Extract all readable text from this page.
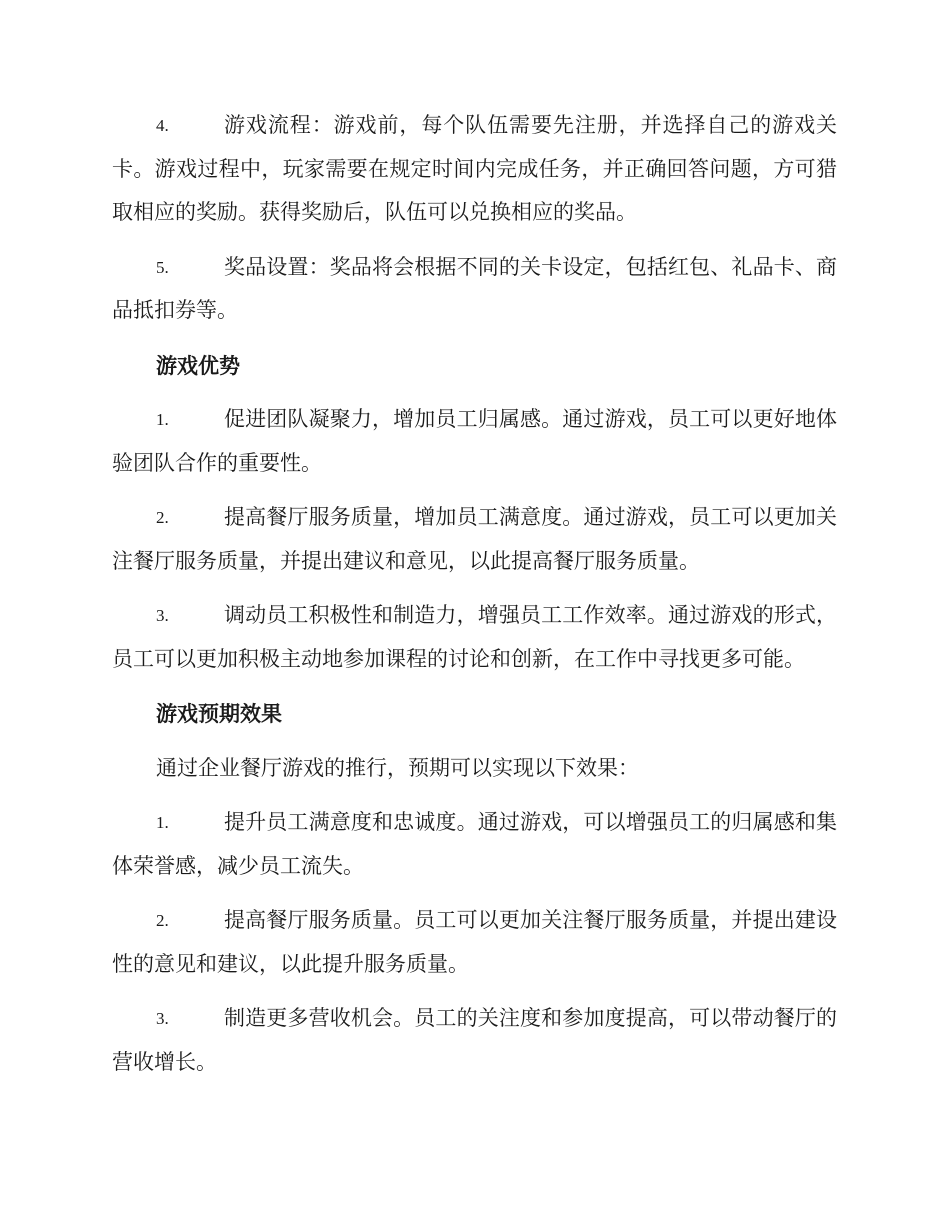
4.	游戏流程：游戏前，每个队伍需要先注册，并选择自己的游戏关卡。游戏过程中，玩家需要在规定时间内完成任务，并正确回答问题，方可猎取相应的奖励。获得奖励后，队伍可以兑换相应的奖品。
5.	奖品设置：奖品将会根据不同的关卡设定，包括红包、礼品卡、商品抵扣券等。
游戏优势
1.	促进团队凝聚力，增加员工归属感。通过游戏，员工可以更好地体验团队合作的重要性。
2.	提高餐厅服务质量，增加员工满意度。通过游戏，员工可以更加关注餐厅服务质量，并提出建议和意见，以此提高餐厅服务质量。
3.	调动员工积极性和制造力，增强员工工作效率。通过游戏的形式，员工可以更加积极主动地参加课程的讨论和创新，在工作中寻找更多可能。
游戏预期效果
通过企业餐厅游戏的推行，预期可以实现以下效果：
1.	提升员工满意度和忠诚度。通过游戏，可以增强员工的归属感和集体荣誉感，减少员工流失。
2.	提高餐厅服务质量。员工可以更加关注餐厅服务质量，并提出建设性的意见和建议，以此提升服务质量。
3.	制造更多营收机会。员工的关注度和参加度提高，可以带动餐厅的营收增长。
